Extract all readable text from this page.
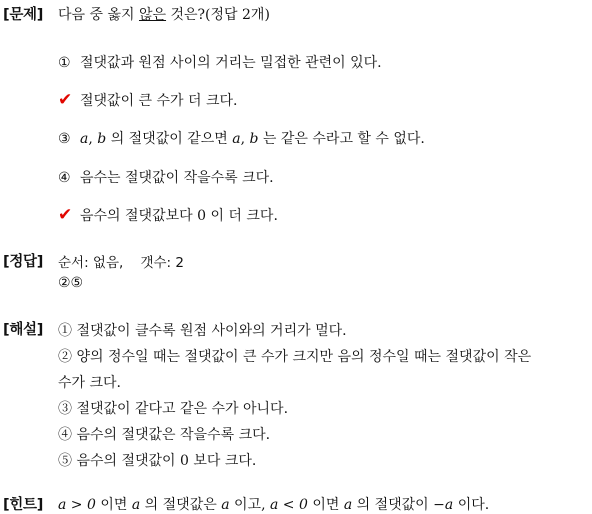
[문제] 다음 중 옳지 않은 것은?(정답 2개)
① 절댓값과 원점 사이의 거리는 밀접한 관련이 있다.
✔ 절댓값이 큰 수가 더 크다.
③ a, b 의 절댓값이 같으면 a, b 는 같은 수라고 할 수 없다.
④ 음수는 절댓값이 작을수록 크다.
✔ 음수의 절댓값보다 0 이 더 크다.
[정답] 순서: 없음,    갯수: 2
②⑤
[해설] ① 절댓값이 클수록 원점 사이와의 거리가 멀다.
② 양의 정수일 때는 절댓값이 큰 수가 크지만 음의 정수일 때는 절댓값이 작은
수가 크다.
③ 절댓값이 같다고 같은 수가 아니다.
④ 음수의 절댓값은 작을수록 크다.
⑤ 음수의 절댓값이 0 보다 크다.
[힌트] a > 0 이면 a 의 절댓값은 a 이고, a < 0 이면 a 의 절댓값이 −a 이다.
